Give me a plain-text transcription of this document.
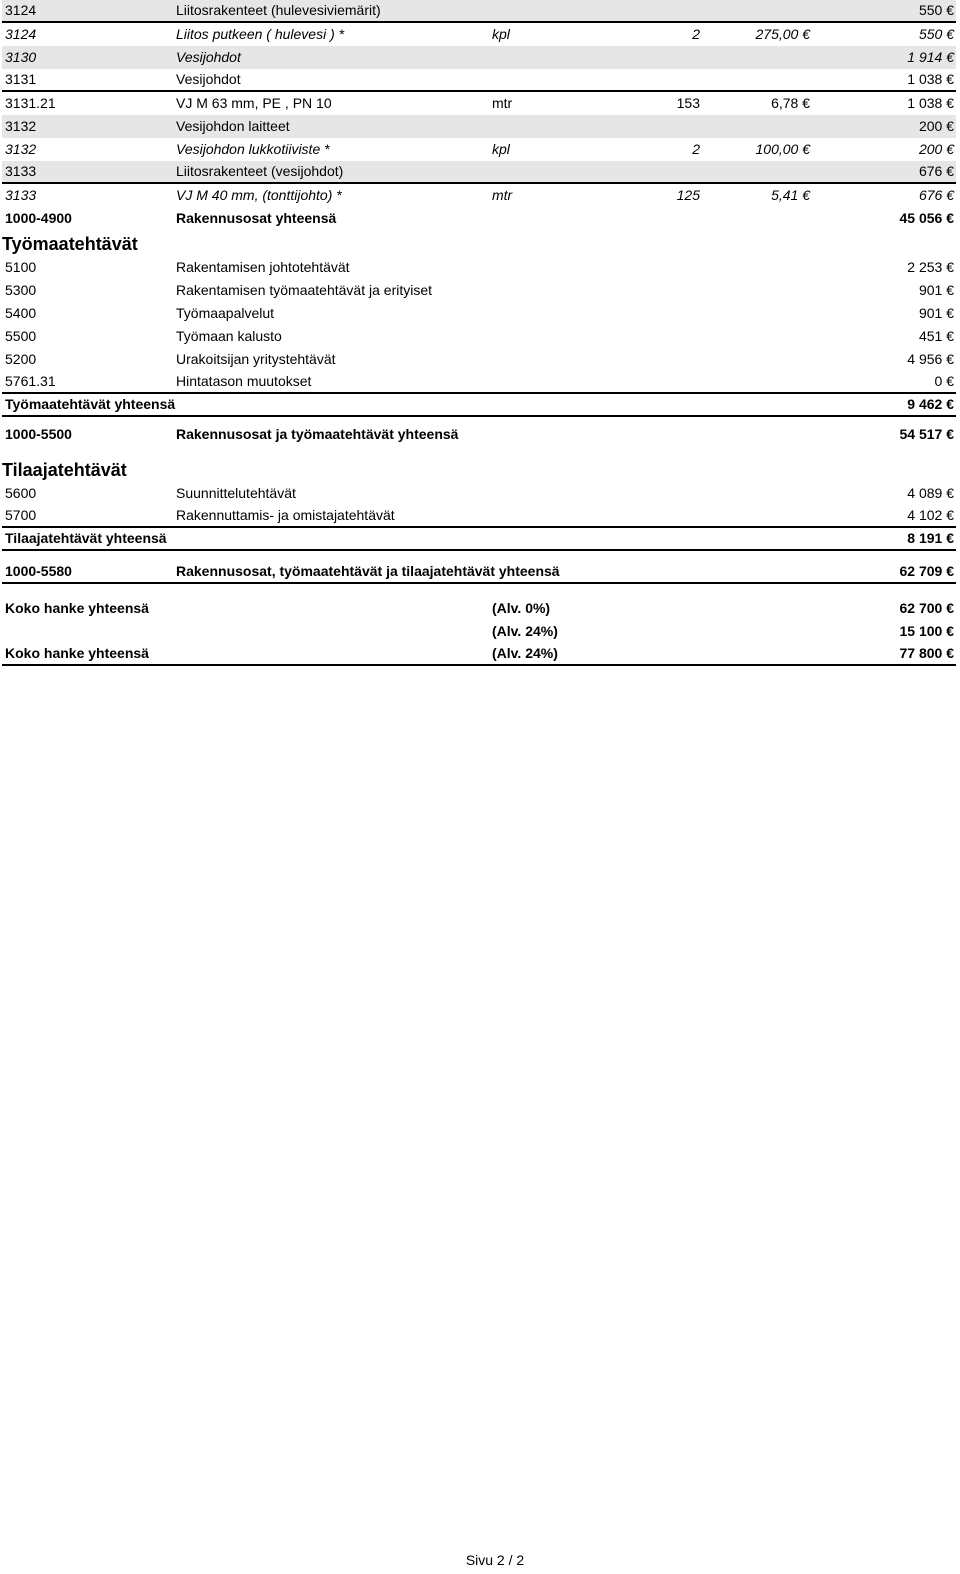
3124	Liitosrakenteet (hulevesiviemärit)	550 €
3124	Liitos putkeen ( hulevesi ) *	kpl	2	275,00 €	550 €
3130	Vesijohdot	1 914 €
3131	Vesijohdot	1 038 €
3131.21	VJ M 63 mm, PE , PN 10	mtr	153	6,78 €	1 038 €
3132	Vesijohdon laitteet	200 €
3132	Vesijohdon lukkotiiviste *	kpl	2	100,00 €	200 €
3133	Liitosrakenteet (vesijohdot)	676 €
3133	VJ M 40 mm, (tonttijohto) *	mtr	125	5,41 €	676 €
1000-4900	Rakennusosat yhteensä	45 056 €
Työmaatehtävät
5100	Rakentamisen johtotehtävät	2 253 €
5300	Rakentamisen työmaatehtävät ja erityiset	901 €
5400	Työmaapalvelut	901 €
5500	Työmaan kalusto	451 €
5200	Urakoitsijan yritystehtävät	4 956 €
5761.31	Hintatason muutokset	0 €
Työmaatehtävät yhteensä	9 462 €
1000-5500	Rakennusosat ja työmaatehtävät yhteensä	54 517 €
Tilaajatehtävät
5600	Suunnittelutehtävät	4 089 €
5700	Rakennuttamis- ja omistajatehtävät	4 102 €
Tilaajatehtävät yhteensä	8 191 €
1000-5580	Rakennusosat, työmaatehtävät ja tilaajatehtävät yhteensä	62 709 €
Koko hanke yhteensä	(Alv. 0%)	62 700 €
(Alv. 24%)	15 100 €
Koko hanke yhteensä	(Alv. 24%)	77 800 €
Sivu 2 / 2
